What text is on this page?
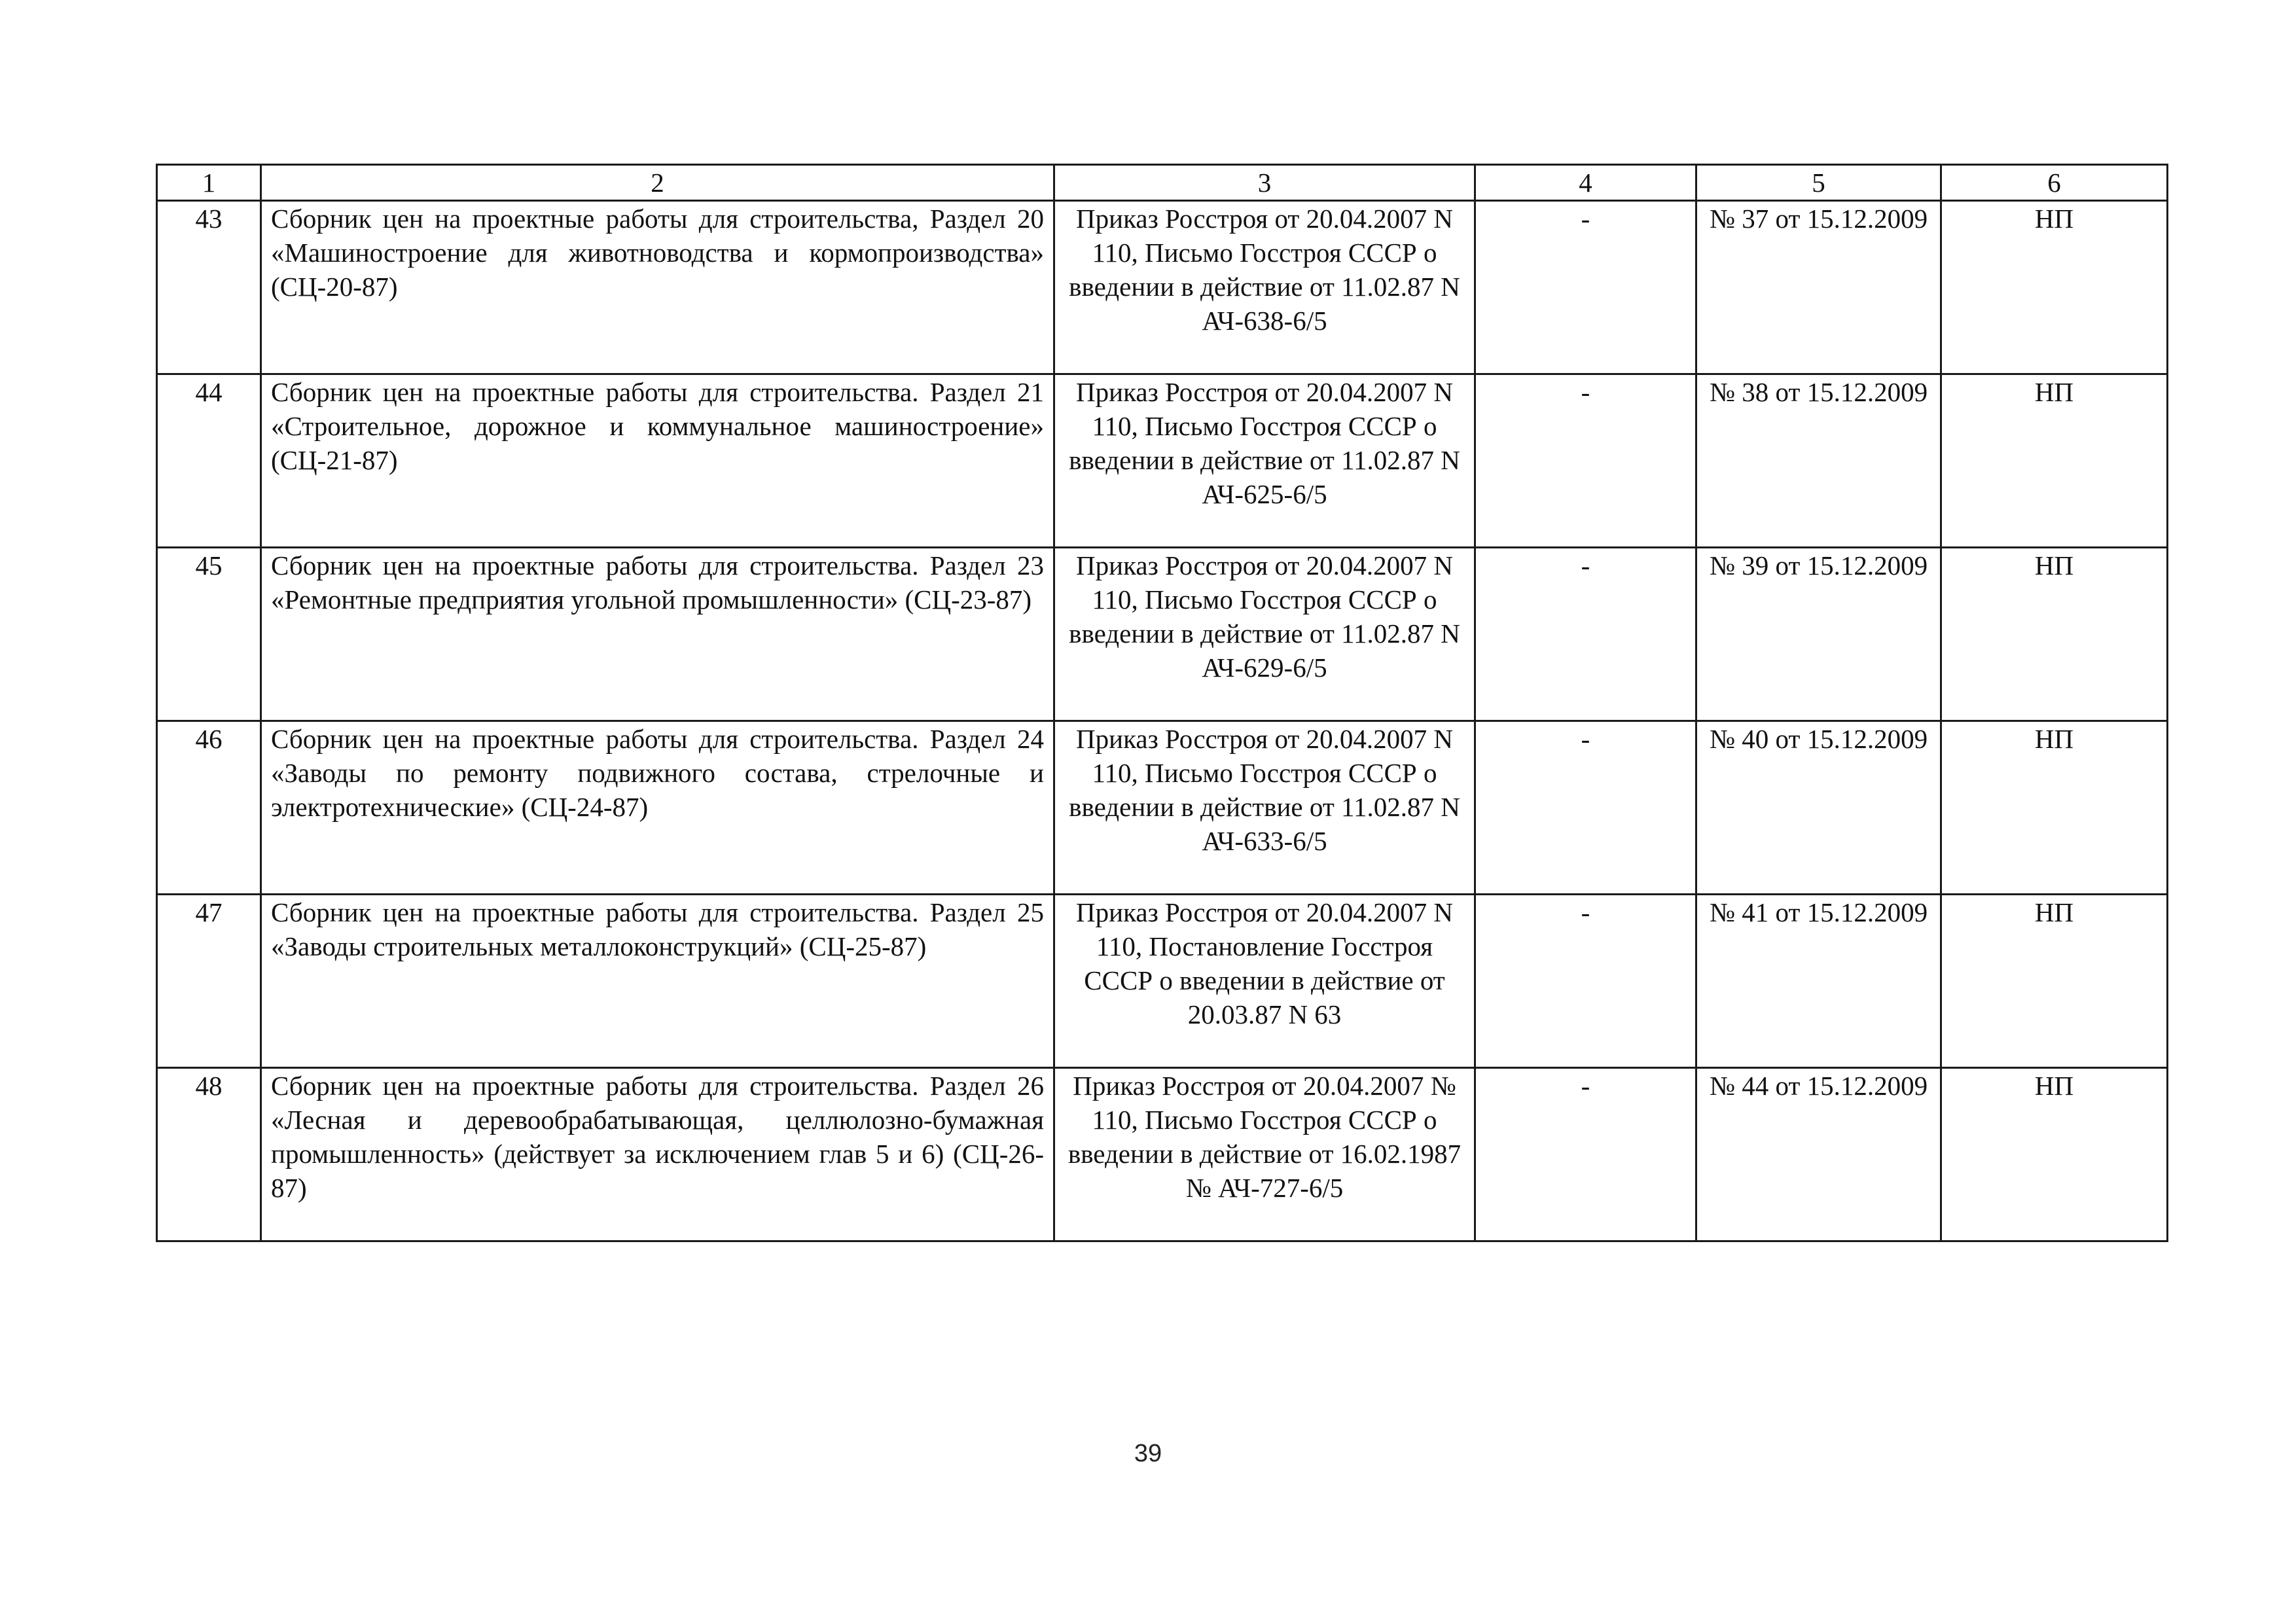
1	2	3	4	5	6
43	Сборник цен на проектные работы для строительства, Раздел 20 «Машиностроение для животноводства и кормопроизводства» (СЦ-20-87)	Приказ Росстроя от 20.04.2007 N 110, Письмо Госстроя СССР о введении в действие от 11.02.87 N АЧ-638-6/5	-	№ 37 от 15.12.2009	НП
44	Сборник цен на проектные работы для строительства. Раздел 21 «Строительное, дорожное и коммунальное машиностроение» (СЦ-21-87)	Приказ Росстроя от 20.04.2007 N 110, Письмо Госстроя СССР о введении в действие от 11.02.87 N АЧ-625-6/5	-	№ 38 от 15.12.2009	НП
45	Сборник цен на проектные работы для строительства. Раздел 23 «Ремонтные предприятия угольной промышленности» (СЦ-23-87)	Приказ Росстроя от 20.04.2007 N 110, Письмо Госстроя СССР о введении в действие от 11.02.87 N АЧ-629-6/5	-	№ 39 от 15.12.2009	НП
46	Сборник цен на проектные работы для строительства. Раздел 24 «Заводы по ремонту подвижного состава, стрелочные и электротехнические» (СЦ-24-87)	Приказ Росстроя от 20.04.2007 N 110, Письмо Госстроя СССР о введении в действие от 11.02.87 N АЧ-633-6/5	-	№ 40 от 15.12.2009	НП
47	Сборник цен на проектные работы для строительства. Раздел 25 «Заводы строительных металлоконструкций» (СЦ-25-87)	Приказ Росстроя от 20.04.2007 N 110, Постановление Госстроя СССР о введении в действие от 20.03.87 N 63	-	№ 41 от 15.12.2009	НП
48	Сборник цен на проектные работы для строительства. Раздел 26 «Лесная и деревообрабатывающая, целлюлозно-бумажная промышленность» (действует за исключением глав 5 и 6) (СЦ-26-87)	Приказ Росстроя от 20.04.2007 № 110, Письмо Госстроя СССР о введении в действие от 16.02.1987 № АЧ-727-6/5	-	№ 44 от 15.12.2009	НП
39
